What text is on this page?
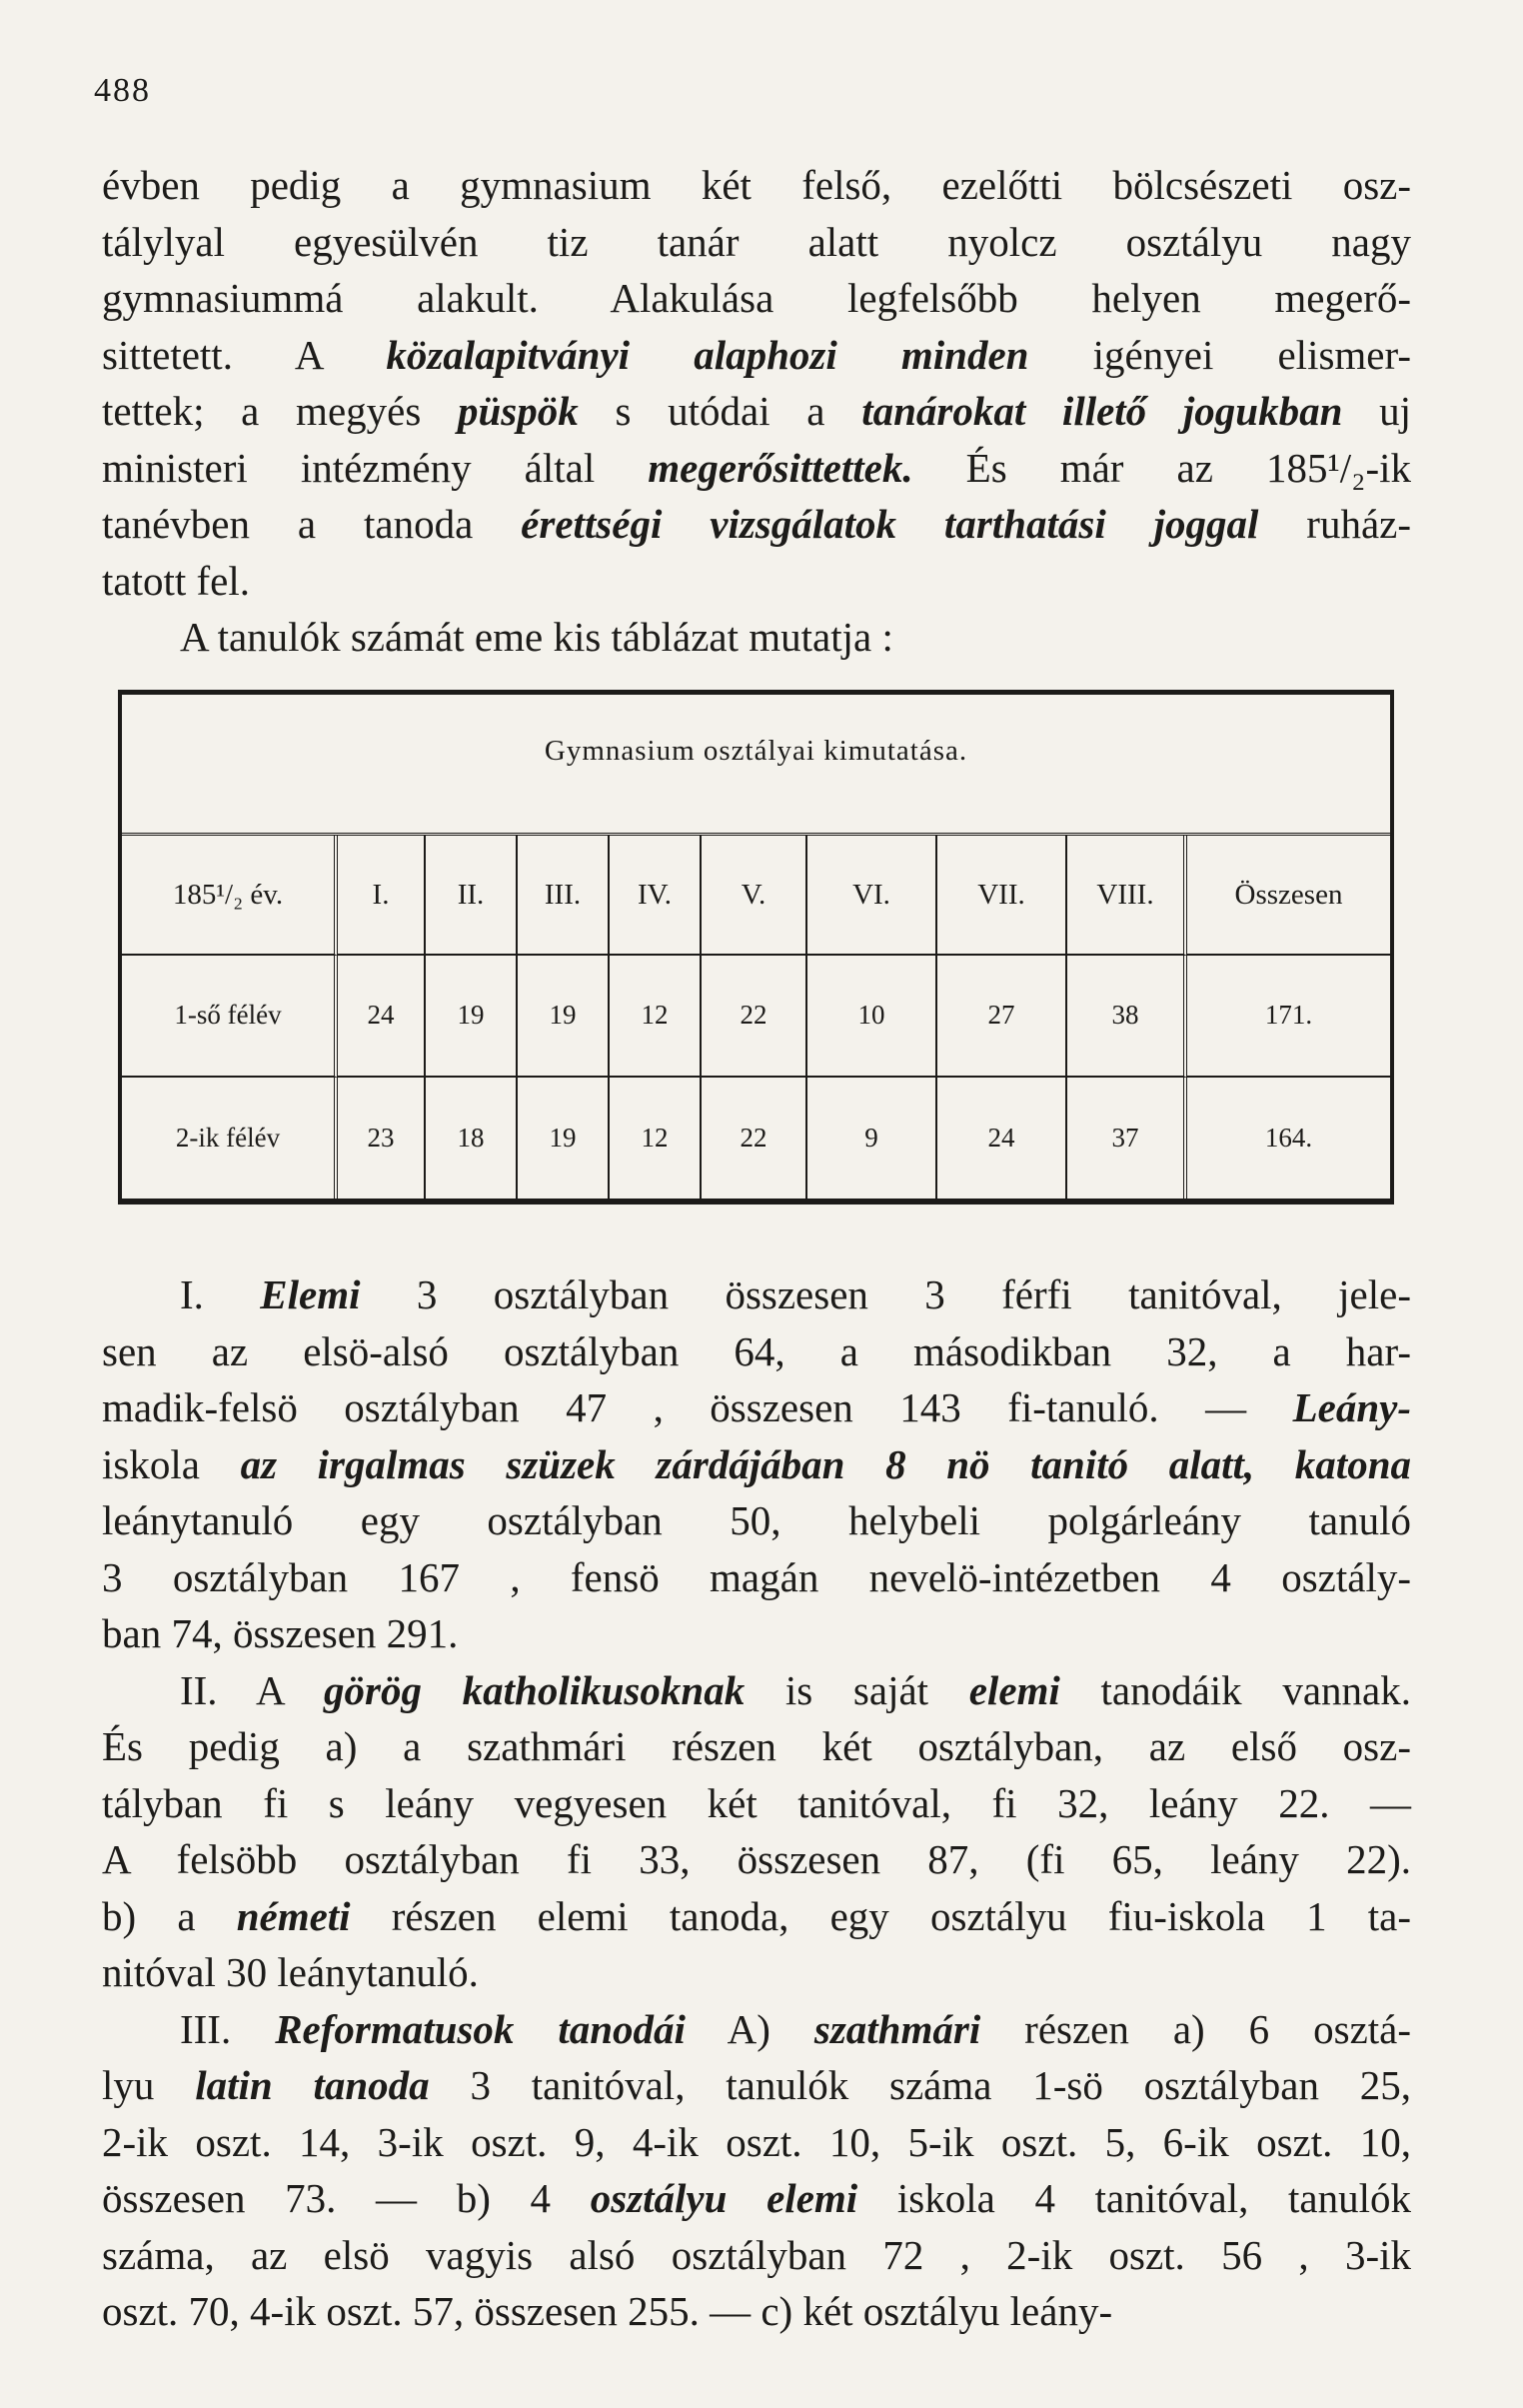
488
évben pedig a gymnasium két felső, ezelőtti bölcsészeti osz-
tálylyal egyesülvén tiz tanár alatt nyolcz osztályu nagy
gymnasiummá alakult. Alakulása legfelsőbb helyen megerő-
sittetett. A közalapitványi alaphozi minden igényei elismer-
tettek; a megyés püspök s utódai a tanárokat illető jogukban uj
ministeri intézmény által megerősittettek. És már az 185¹/₂-ik
tanévben a tanoda érettségi vizsgálatok tarthatási joggal ruház-
tatott fel.
A tanulók számát eme kis táblázat mutatja :
Gymnasium osztályai kimutatása.
185¹/₂ év.	I.	II.	III.	IV.	V.	VI.	VII.	VIII.	Összesen
1-ső félév	24	19	19	12	22	10	27	38	171.
2-ik félév	23	18	19	12	22	9	24	37	164.
I. Elemi 3 osztályban összesen 3 férfi tanitóval, jele-
sen az elsö-alsó osztályban 64, a másodikban 32, a har-
madik-felsö osztályban 47 , összesen 143 fi-tanuló. — Leány-
iskola az irgalmas szüzek zárdájában 8 nö tanitó alatt, katona
leánytanuló egy osztályban 50, helybeli polgárleány tanuló
3 osztályban 167 , fensö magán nevelö-intézetben 4 osztály-
ban 74, összesen 291.
II. A görög katholikusoknak is saját elemi tanodáik vannak.
És pedig a) a szathmári részen két osztályban, az első osz-
tályban fi s leány vegyesen két tanitóval, fi 32, leány 22. —
A felsöbb osztályban fi 33, összesen 87, (fi 65, leány 22).
b) a németi részen elemi tanoda, egy osztályu fiu-iskola 1 ta-
nitóval 30 leánytanuló.
III. Reformatusok tanodái A) szathmári részen a) 6 osztá-
lyu latin tanoda 3 tanitóval, tanulók száma 1-sö osztályban 25,
2-ik oszt. 14, 3-ik oszt. 9, 4-ik oszt. 10, 5-ik oszt. 5, 6-ik oszt. 10,
összesen 73. — b) 4 osztályu elemi iskola 4 tanitóval, tanulók
száma, az elsö vagyis alsó osztályban 72 , 2-ik oszt. 56 , 3-ik
oszt. 70, 4-ik oszt. 57, összesen 255. — c) két osztályu leány-
